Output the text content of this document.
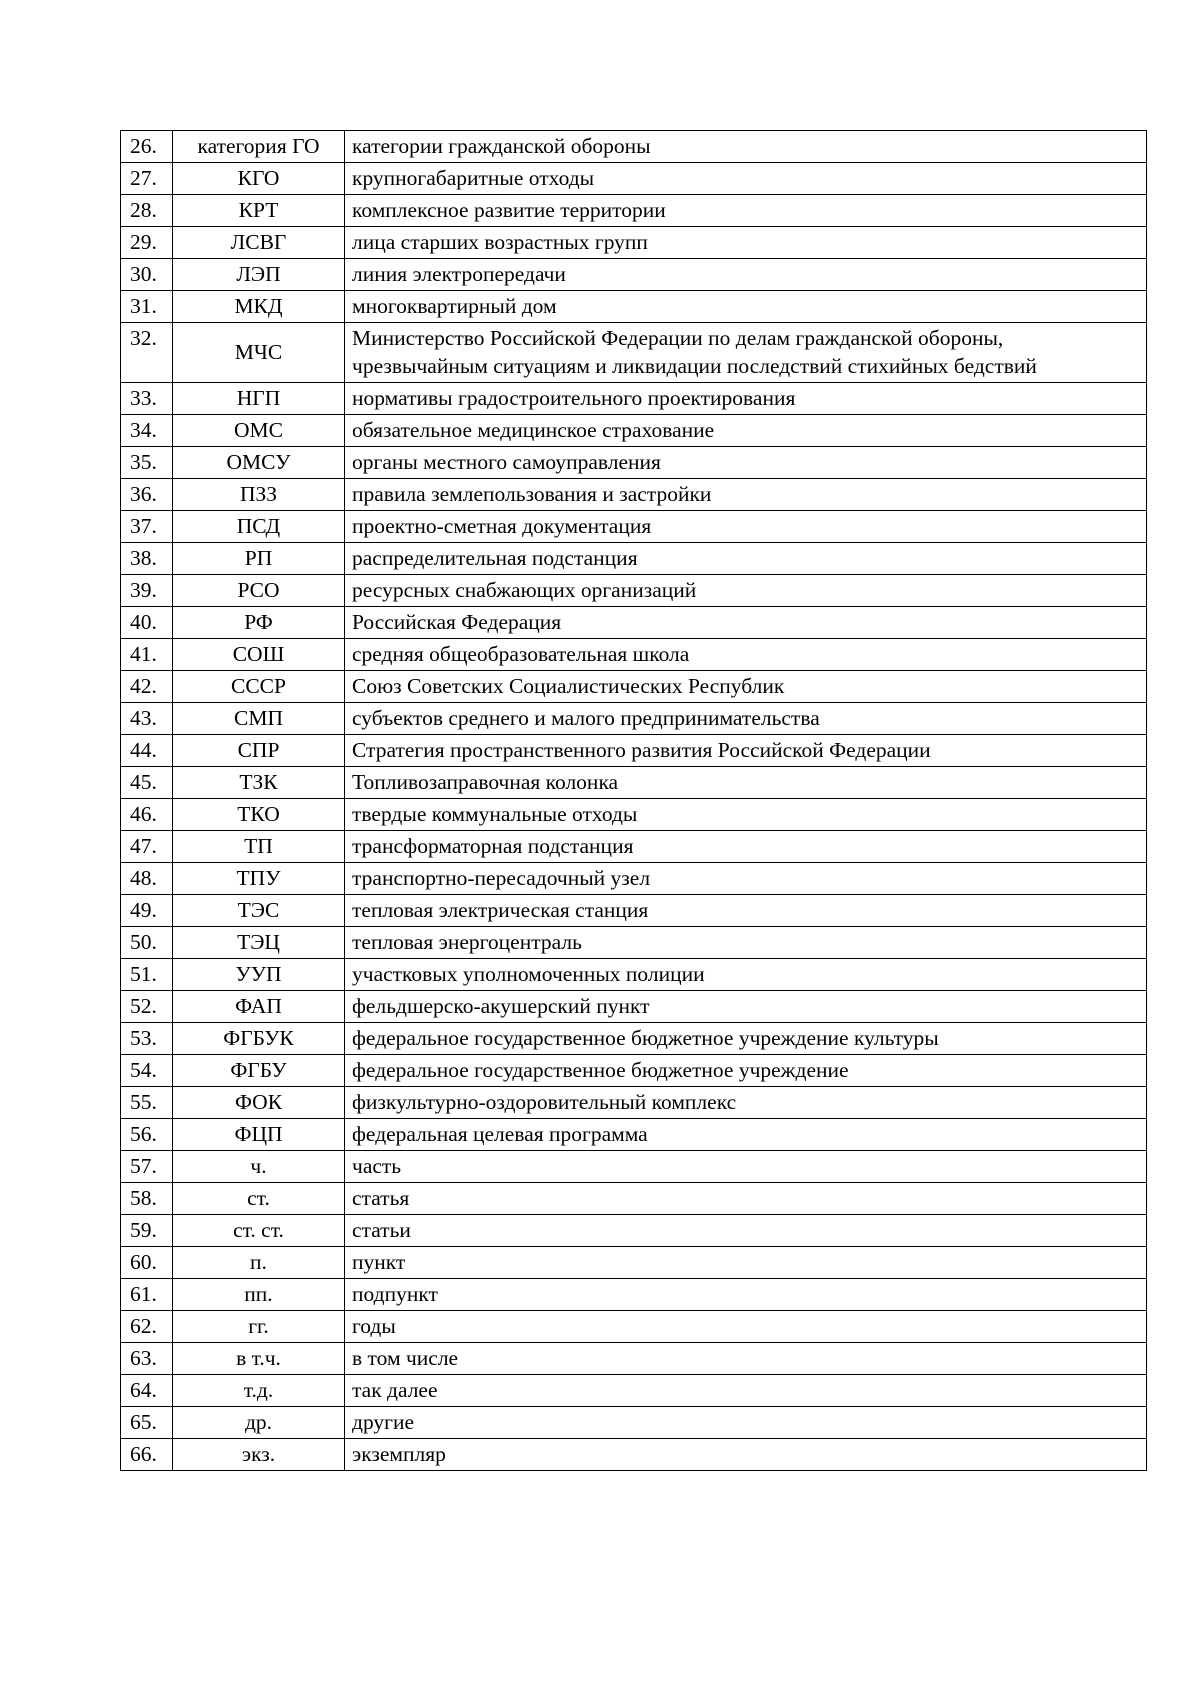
26.	категория ГО	категории гражданской обороны
27.	КГО	крупногабаритные отходы
28.	КРТ	комплексное развитие территории
29.	ЛСВГ	лица старших возрастных групп
30.	ЛЭП	линия электропередачи
31.	МКД	многоквартирный дом
32.	МЧС	Министерство Российской Федерации по делам гражданской обороны, чрезвычайным ситуациям и ликвидации последствий стихийных бедствий
33.	НГП	нормативы градостроительного проектирования
34.	ОМС	обязательное медицинское страхование
35.	ОМСУ	органы местного самоуправления
36.	ПЗЗ	правила землепользования и застройки
37.	ПСД	проектно-сметная документация
38.	РП	распределительная подстанция
39.	РСО	ресурсных снабжающих организаций
40.	РФ	Российская Федерация
41.	СОШ	средняя общеобразовательная школа
42.	СССР	Союз Советских Социалистических Республик
43.	СМП	субъектов среднего и малого предпринимательства
44.	СПР	Стратегия пространственного развития Российской Федерации
45.	ТЗК	Топливозаправочная колонка
46.	ТКО	твердые коммунальные отходы
47.	ТП	трансформаторная подстанция
48.	ТПУ	транспортно-пересадочный узел
49.	ТЭС	тепловая электрическая станция
50.	ТЭЦ	тепловая энергоцентраль
51.	УУП	участковых уполномоченных полиции
52.	ФАП	фельдшерско-акушерский пункт
53.	ФГБУК	федеральное государственное бюджетное учреждение культуры
54.	ФГБУ	федеральное государственное бюджетное учреждение
55.	ФОК	физкультурно-оздоровительный комплекс
56.	ФЦП	федеральная целевая программа
57.	ч.	часть
58.	ст.	статья
59.	ст. ст.	статьи
60.	п.	пункт
61.	пп.	подпункт
62.	гг.	годы
63.	в т.ч.	в том числе
64.	т.д.	так далее
65.	др.	другие
66.	экз.	экземпляр
